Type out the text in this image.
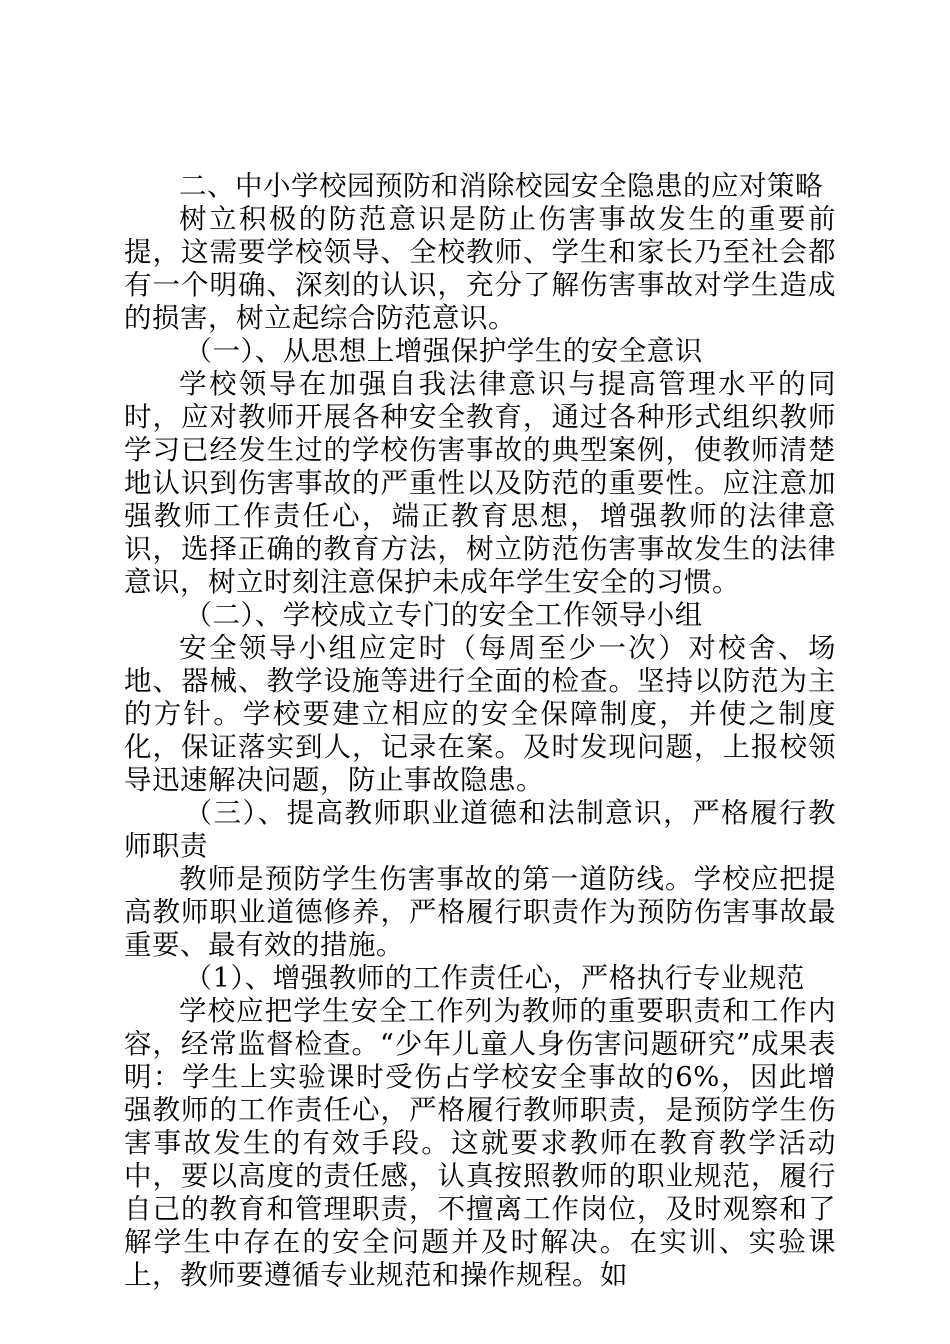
二、中小学校园预防和消除校园安全隐患的应对策略

树立积极的防范意识是防止伤害事故发生的重要前提，这需要学校领导、全校教师、学生和家长乃至社会都有一个明确、深刻的认识，充分了解伤害事故对学生造成的损害，树立起综合防范意识。

（一）、从思想上增强保护学生的安全意识

学校领导在加强自我法律意识与提高管理水平的同时，应对教师开展各种安全教育，通过各种形式组织教师学习已经发生过的学校伤害事故的典型案例，使教师清楚地认识到伤害事故的严重性以及防范的重要性。应注意加强教师工作责任心，端正教育思想，增强教师的法律意识，选择正确的教育方法，树立防范伤害事故发生的法律意识，树立时刻注意保护未成年学生安全的习惯。

（二）、学校成立专门的安全工作领导小组

安全领导小组应定时（每周至少一次）对校舍、场地、器械、教学设施等进行全面的检查。坚持以防范为主的方针。学校要建立相应的安全保障制度，并使之制度化，保证落实到人，记录在案。及时发现问题，上报校领导迅速解决问题，防止事故隐患。

（三）、提高教师职业道德和法制意识，严格履行教师职责

教师是预防学生伤害事故的第一道防线。学校应把提高教师职业道德修养，严格履行职责作为预防伤害事故最重要、最有效的措施。

（1）、增强教师的工作责任心，严格执行专业规范

学校应把学生安全工作列为教师的重要职责和工作内容，经常监督检查。“少年儿童人身伤害问题研究”成果表明：学生上实验课时受伤占学校安全事故的6%，因此增强教师的工作责任心，严格履行教师职责，是预防学生伤害事故发生的有效手段。这就要求教师在教育教学活动中，要以高度的责任感，认真按照教师的职业规范，履行自己的教育和管理职责，不擅离工作岗位，及时观察和了解学生中存在的安全问题并及时解决。在实训、实验课上，教师要遵循专业规范和操作规程。如
